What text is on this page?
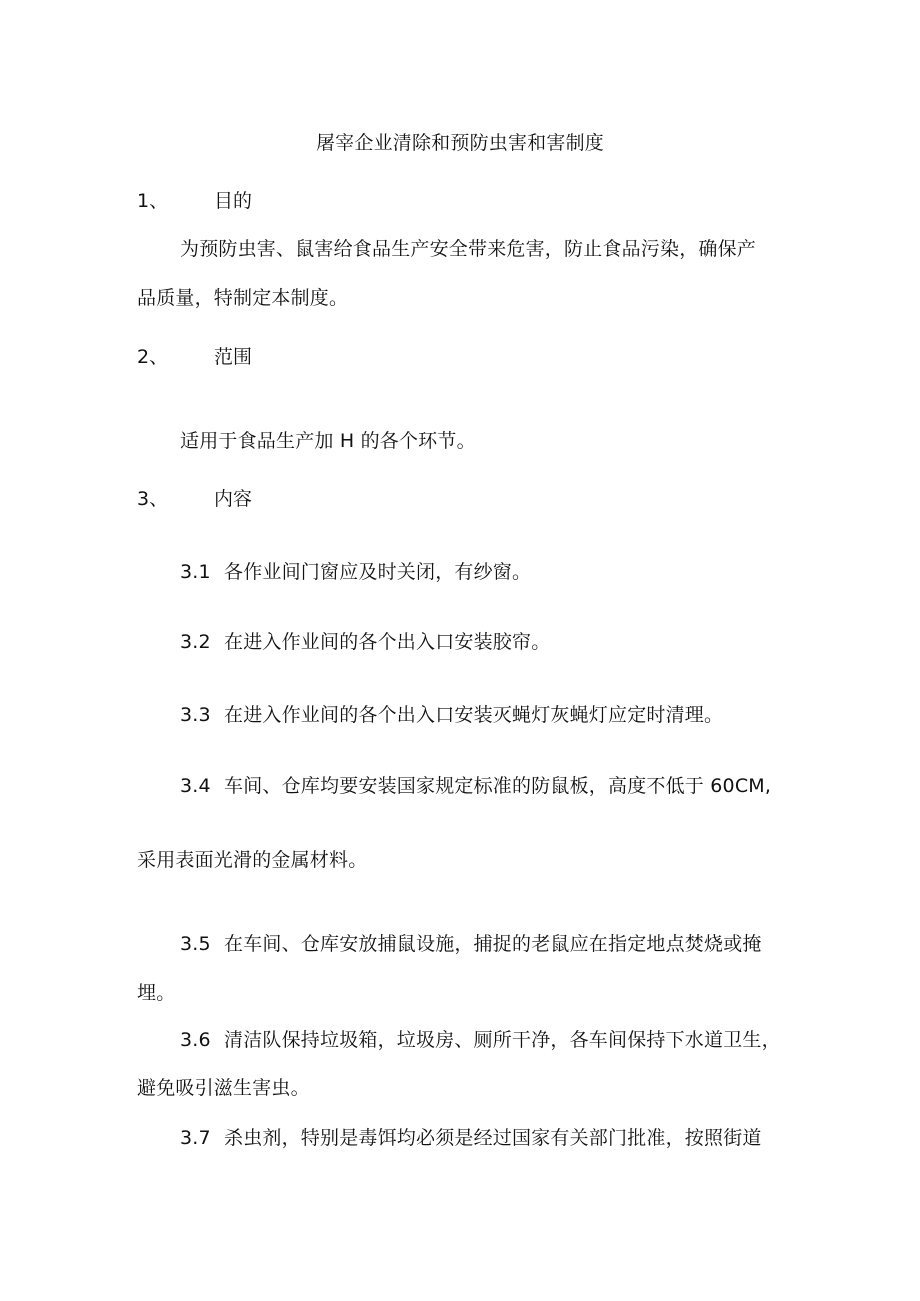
屠宰企业清除和预防虫害和害制度
1、 目的
为预防虫害、鼠害给食品生产安全带来危害，防止食品污染，确保产
品质量，特制定本制度。
2、 范围
适用于食品生产加 H 的各个环节。
3、 内容
3.1 各作业间门窗应及时关闭，有纱窗。
3.2 在进入作业间的各个出入口安装胶帘。
3.3 在进入作业间的各个出入口安装灭蝇灯灰蝇灯应定时清理。
3.4 车间、仓库均要安装国家规定标准的防鼠板，高度不低于 60CM,
采用表面光滑的金属材料。
3.5 在车间、仓库安放捕鼠设施，捕捉的老鼠应在指定地点焚烧或掩
埋。
3.6 清洁队保持垃圾箱，垃圾房、厕所干净，各车间保持下水道卫生，
避免吸引滋生害虫。
3.7 杀虫剂，特别是毒饵均必须是经过国家有关部门批准，按照街道
